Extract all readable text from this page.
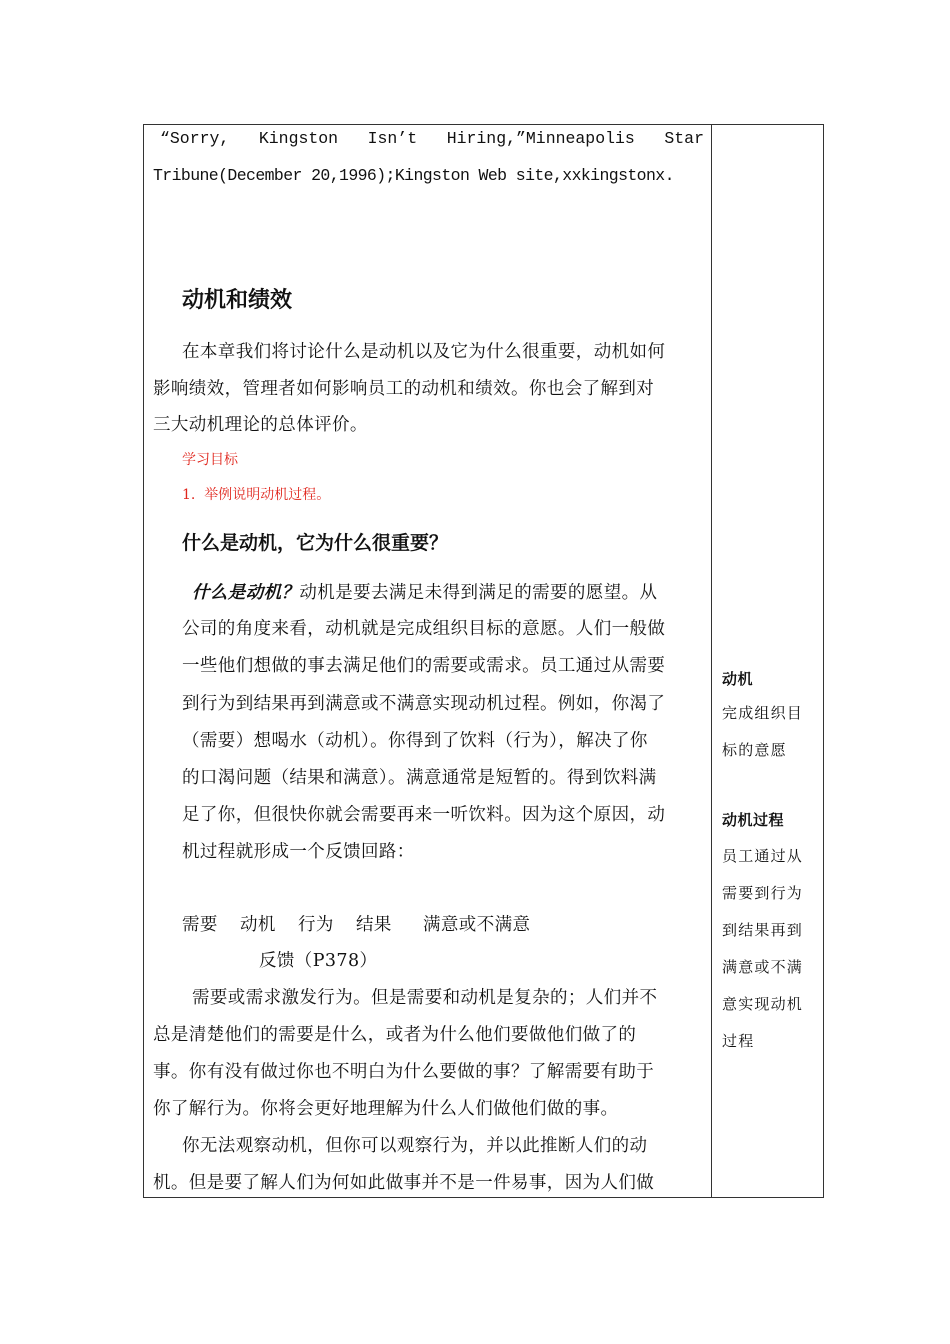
“Sorry, Kingston Isn’t Hiring,”Minneapolis Star
Tribune(December 20,1996);Kingston Web site,xxkingstonx.
动机和绩效
在本章我们将讨论什么是动机以及它为什么很重要，动机如何
影响绩效，管理者如何影响员工的动机和绩效。你也会了解到对
三大动机理论的总体评价。
学习目标
1.  举例说明动机过程。
什么是动机，它为什么很重要？
什么是动机？动机是要去满足未得到满足的需要的愿望。从
公司的角度来看，动机就是完成组织目标的意愿。人们一般做
一些他们想做的事去满足他们的需要或需求。员工通过从需要
到行为到结果再到满意或不满意实现动机过程。例如，你渴了
（需要）想喝水（动机）。你得到了饮料（行为），解决了你
的口渴问题（结果和满意）。满意通常是短暂的。得到饮料满
足了你，但很快你就会需要再来一听饮料。因为这个原因，动
机过程就形成一个反馈回路：
需要 动机 行为 结果 满意或不满意
反馈（P378）
需要或需求激发行为。但是需要和动机是复杂的；人们并不
总是清楚他们的需要是什么，或者为什么他们要做他们做了的
事。你有没有做过你也不明白为什么要做的事？了解需要有助于
你了解行为。你将会更好地理解为什么人们做他们做的事。
你无法观察动机，但你可以观察行为，并以此推断人们的动
机。但是要了解人们为何如此做事并不是一件易事，因为人们做
动机
完成组织目
标的意愿
动机过程
员工通过从
需要到行为
到结果再到
满意或不满
意实现动机
过程
